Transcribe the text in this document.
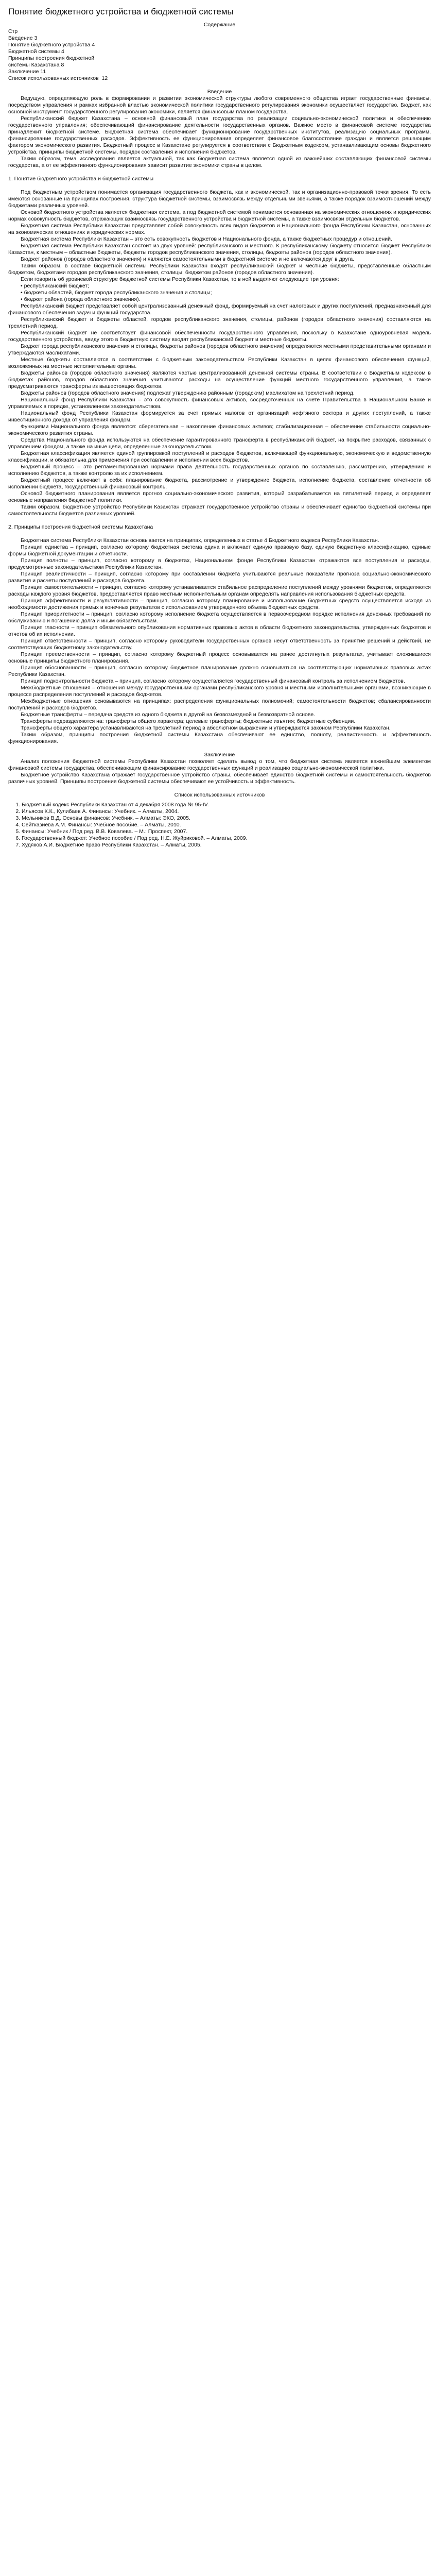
Понятие бюджетного устройства и бюджетной системы
Содержание
Стр
Введение 3
Понятие бюджетного устройства 4
Бюджетной системы 4
Принципы построения бюджетной
системы Казахстана 8
Заключение 11
Список использованных источников  12
Введение

Ведущую, определяющую роль в формировании и развитии экономической структуры любого современного общества играет государственные финансы, посредством управления и рамках избранной властью экономической политики государственного регулирования экономики осуществляет государство. Бюджет, как основной инструмент государственного регулирования экономики, является финансовым планом государства.

Республиканский бюджет Казахстана – основной финансовый план государства по реализации социально-экономической политики и обеспечению государственного управления; обеспечивающий финансирование деятельности государственных органов. Важное место в финансовой системе государства принадлежит бюджетной системе. Бюджетная система обеспечивает функционирование государственных институтов, реализацию социальных программ, финансирование государственных расходов. Эффективность ее функционирования определяет финансовое благосостояние граждан и является решающим фактором экономического развития. Бюджетный процесс в Казахстане регулируется в соответствии с Бюджетным кодексом, устанавливающим основы бюджетного устройства, принципы бюджетной системы, порядок составления и исполнения бюджетов.

Таким образом, тема исследования является актуальной, так как бюджетная система является одной из важнейших составляющих финансовой системы государства, а от ее эффективного функционирования зависит развитие экономики страны в целом.

1. Понятие бюджетного устройства и бюджетной системы

Под бюджетным устройством понимается организация государственного бюджета, как и экономической, так и организационно-правовой точки зрения. То есть имеются основанные на принципах построения, структура бюджетной системы, взаимосвязь между отдельными звеньями, а также порядок взаимоотношений между бюджетами различных уровней.

Основой бюджетного устройства является бюджетная система, а под бюджетной системой понимается основанная на экономических отношениях и юридических нормах совокупность бюджетов, отражающих взаимосвязь государственного устройства и бюджетной системы, а также взаимосвязи отдельных бюджетов.

Бюджетная система Республики Казахстан представляет собой совокупность всех видов бюджетов и Национального фонда Республики Казахстан, основанных на экономических отношениях и юридических нормах.

Бюджетная система Республики Казахстан – это есть совокупность бюджетов и Национального фонда, а также бюджетных процедур и отношений.

Бюджетная система Республики Казахстан состоит из двух уровней: республиканского и местного. К республиканскому бюджету относится бюджет Республики Казахстан, к местным – областные бюджеты, бюджеты городов республиканского значения, столицы, бюджеты районов (городов областного значения).

Бюджет районов (городов областного значения) и являются самостоятельными в бюджетной системе и не включаются друг в друга.

Таким образом, в составе бюджетной системы Республики Казахстан входят республиканский бюджет и местные бюджеты, представленные областным бюджетом, бюджетами городов республиканского значения, столицы; бюджетом районов (городов областного значения).

Если говорить об уровневой структуре бюджетной системы Республики Казахстан, то в ней выделяют следующие три уровня:

• республиканский бюджет;

• бюджеты областей, бюджет города республиканского значения и столицы;

• бюджет района (города областного значения).

Республиканский бюджет представляет собой централизованный денежный фонд, формируемый на счет налоговых и других поступлений, предназначенный для финансового обеспечения задач и функций государства.

Республиканский бюджет и бюджеты областей, городов республиканского значения, столицы, районов (городов областного значения) составляются на трехлетний период.

Республиканский бюджет не соответствует финансовой обеспеченности государственного управления, поскольку в Казахстане одноуровневая модель государственного устройства, ввиду этого в бюджетную систему входят республиканский бюджет и местные бюджеты.

Бюджет города республиканского значения и столицы, бюджеты районов (городов областного значения) определяются местными представительными органами и утверждаются маслихатами.

Местные бюджеты составляются в соответствии с бюджетным законодательством Республики Казахстан в целях финансового обеспечения функций, возложенных на местные исполнительные органы.

Бюджеты районов (городов областного значения) являются частью централизованной денежной системы страны. В соответствии с Бюджетным кодексом в бюджетах районов, городов областного значения учитываются расходы на осуществление функций местного государственного управления, а также предусматриваются трансферты из вышестоящих бюджетов.

Бюджеты районов (городов областного значения) подлежат утверждению районным (городским) маслихатом на трехлетний период.

Национальный фонд Республики Казахстан – это совокупность финансовых активов, сосредоточенных на счете Правительства в Национальном Банке и управляемых в порядке, установленном законодательством.

Национальный фонд Республики Казахстан формируется за счет прямых налогов от организаций нефтяного сектора и других поступлений, а также инвестиционного дохода от управления фондом.

Функциями Национального фонда являются: сберегательная – накопление финансовых активов; стабилизационная – обеспечение стабильности социально-экономического развития страны.

Средства Национального фонда используются на обеспечение гарантированного трансферта в республиканский бюджет, на покрытие расходов, связанных с управлением фондом, а также на иные цели, определенные законодательством.

Бюджетная классификация является единой группировкой поступлений и расходов бюджетов, включающей функциональную, экономическую и ведомственную классификации, и обязательна для применения при составлении и исполнении всех бюджетов.

Бюджетный процесс – это регламентированная нормами права деятельность государственных органов по составлению, рассмотрению, утверждению и исполнению бюджетов, а также контролю за их исполнением.

Бюджетный процесс включает в себя: планирование бюджета, рассмотрение и утверждение бюджета, исполнение бюджета, составление отчетности об исполнении бюджета, государственный финансовый контроль.

Основой бюджетного планирования является прогноз социально-экономического развития, который разрабатывается на пятилетний период и определяет основные направления бюджетной политики.

Таким образом, бюджетное устройство Республики Казахстан отражает государственное устройство страны и обеспечивает единство бюджетной системы при самостоятельности бюджетов различных уровней.

2. Принципы построения бюджетной системы Казахстана

Бюджетная система Республики Казахстан основывается на принципах, определенных в статье 4 Бюджетного кодекса Республики Казахстан.

Принцип единства – принцип, согласно которому бюджетная система едина и включает единую правовую базу, единую бюджетную классификацию, единые формы бюджетной документации и отчетности.

Принцип полноты – принцип, согласно которому в бюджетах, Национальном фонде Республики Казахстан отражаются все поступления и расходы, предусмотренные законодательством Республики Казахстан.

Принцип реалистичности – принцип, согласно которому при составлении бюджета учитываются реальные показатели прогноза социально-экономического развития и расчеты поступлений и расходов бюджета.

Принцип самостоятельности – принцип, согласно которому устанавливается стабильное распределение поступлений между уровнями бюджетов, определяются расходы каждого уровня бюджетов, предоставляется право местным исполнительным органам определять направления использования бюджетных средств.

Принцип эффективности и результативности – принцип, согласно которому планирование и использование бюджетных средств осуществляется исходя из необходимости достижения прямых и конечных результатов с использованием утвержденного объема бюджетных средств.

Принцип приоритетности – принцип, согласно которому исполнение бюджета осуществляется в первоочередном порядке исполнения денежных требований по обслуживанию и погашению долга и иным обязательствам.

Принцип гласности – принцип обязательного опубликования нормативных правовых актов в области бюджетного законодательства, утвержденных бюджетов и отчетов об их исполнении.

Принцип ответственности – принцип, согласно которому руководители государственных органов несут ответственность за принятие решений и действий, не соответствующих бюджетному законодательству.

Принцип преемственности – принцип, согласно которому бюджетный процесс основывается на ранее достигнутых результатах, учитывает сложившиеся основные принципы бюджетного планирования.

Принцип обоснованности – принцип, согласно которому бюджетное планирование должно основываться на соответствующих нормативных правовых актах Республики Казахстан.

Принцип подконтрольности бюджета – принцип, согласно которому осуществляется государственный финансовый контроль за исполнением бюджетов.

Межбюджетные отношения – отношения между государственными органами республиканского уровня и местными исполнительными органами, возникающие в процессе распределения поступлений и расходов бюджетов.

Межбюджетные отношения основываются на принципах: распределения функциональных полномочий; самостоятельности бюджетов; сбалансированности поступлений и расходов бюджетов.

Бюджетные трансферты – передача средств из одного бюджета в другой на безвозмездной и безвозвратной основе.

Трансферты подразделяются на: трансферты общего характера; целевые трансферты; бюджетные изъятия; бюджетные субвенции.

Трансферты общего характера устанавливаются на трехлетний период в абсолютном выражении и утверждаются законом Республики Казахстан.

Таким образом, принципы построения бюджетной системы Казахстана обеспечивают ее единство, полноту, реалистичность и эффективность функционирования.

Заключение

Анализ положения бюджетной системы Республики Казахстан позволяет сделать вывод о том, что бюджетная система является важнейшим элементом финансовой системы государства, обеспечивающим финансирование государственных функций и реализацию социально-экономической политики.

Бюджетное устройство Казахстана отражает государственное устройство страны, обеспечивает единство бюджетной системы и самостоятельность бюджетов различных уровней. Принципы построения бюджетной системы обеспечивают ее устойчивость и эффективность.

Список использованных источников
1. Бюджетный кодекс Республики Казахстан от 4 декабря 2008 года № 95-IV.
2. Ильясов К.К., Кулибаев А. Финансы: Учебник. – Алматы, 2004.
3. Мельников В.Д. Основы финансов: Учебник. – Алматы: ЭКО, 2005.
4. Сейтказиева А.М. Финансы: Учебное пособие. – Алматы, 2010.
5. Финансы: Учебник / Под ред. В.В. Ковалева. – М.: Проспект, 2007.
6. Государственный бюджет: Учебное пособие / Под ред. Н.Е. Жуйриковой. – Алматы, 2009.
7. Худяков А.И. Бюджетное право Республики Казахстан. – Алматы, 2005.
